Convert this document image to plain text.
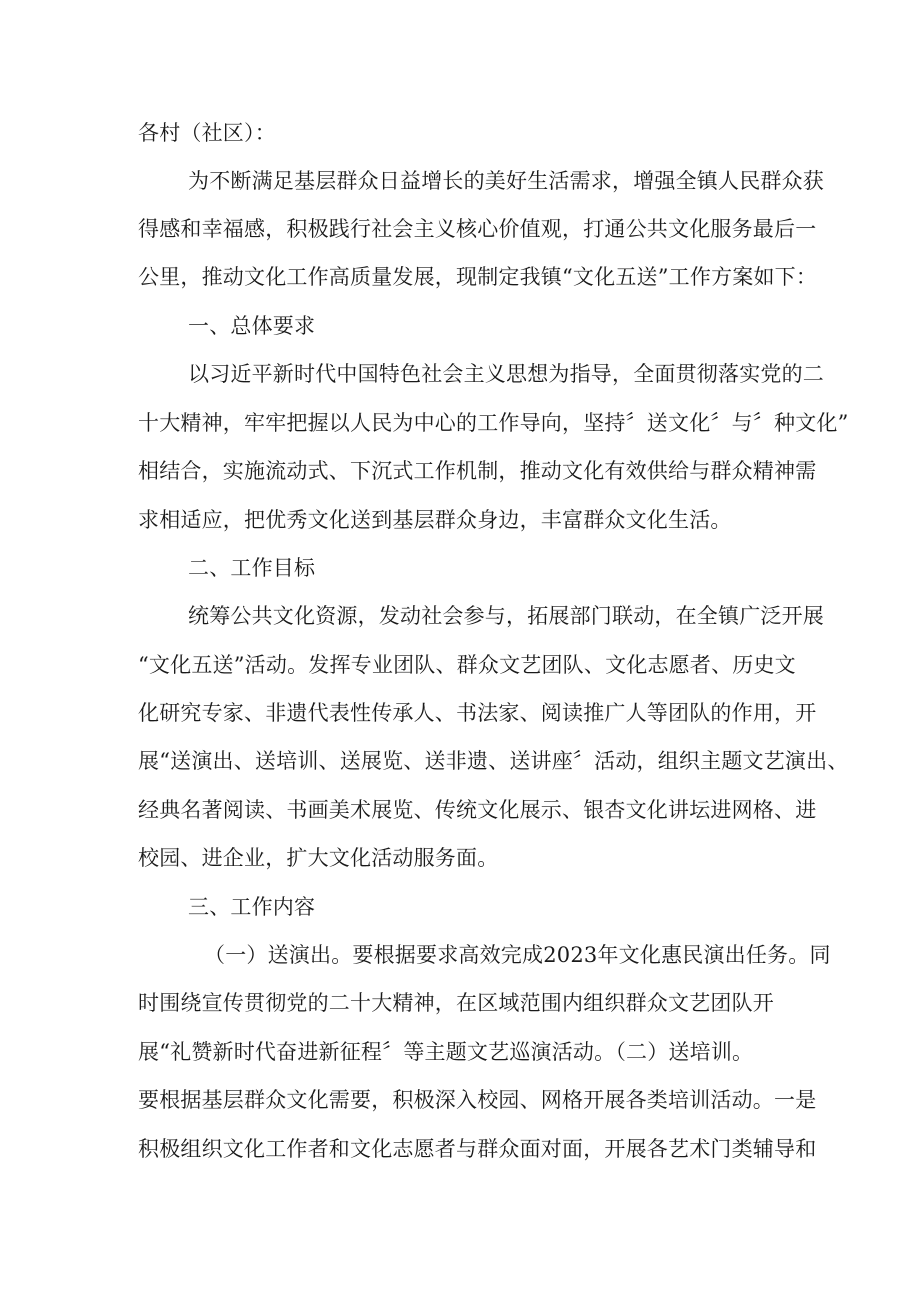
各村（社区）：
为不断满足基层群众日益增长的美好生活需求，增强全镇人民群众获
得感和幸福感，积极践行社会主义核心价值观，打通公共文化服务最后一
公里，推动文化工作高质量发展，现制定我镇“文化五送”工作方案如下：
一、总体要求
以习近平新时代中国特色社会主义思想为指导，全面贯彻落实党的二
十大精神，牢牢把握以人民为中心的工作导向，坚持〞送文化〞与〞种文化”
相结合，实施流动式、下沉式工作机制，推动文化有效供给与群众精神需
求相适应，把优秀文化送到基层群众身边，丰富群众文化生活。
二、工作目标
统筹公共文化资源，发动社会参与，拓展部门联动，在全镇广泛开展
“文化五送”活动。发挥专业团队、群众文艺团队、文化志愿者、历史文
化研究专家、非遗代表性传承人、书法家、阅读推广人等团队的作用，开
展“送演出、送培训、送展览、送非遗、送讲座〞活动，组织主题文艺演出、
经典名著阅读、书画美术展览、传统文化展示、银杏文化讲坛进网格、进
校园、进企业，扩大文化活动服务面。
三、工作内容
（一）送演出。要根据要求高效完成2023年文化惠民演出任务。同
时围绕宣传贯彻党的二十大精神，在区域范围内组织群众文艺团队开
展“礼赞新时代奋进新征程〞等主题文艺巡演活动。（二）送培训。
要根据基层群众文化需要，积极深入校园、网格开展各类培训活动。一是
积极组织文化工作者和文化志愿者与群众面对面，开展各艺术门类辅导和
